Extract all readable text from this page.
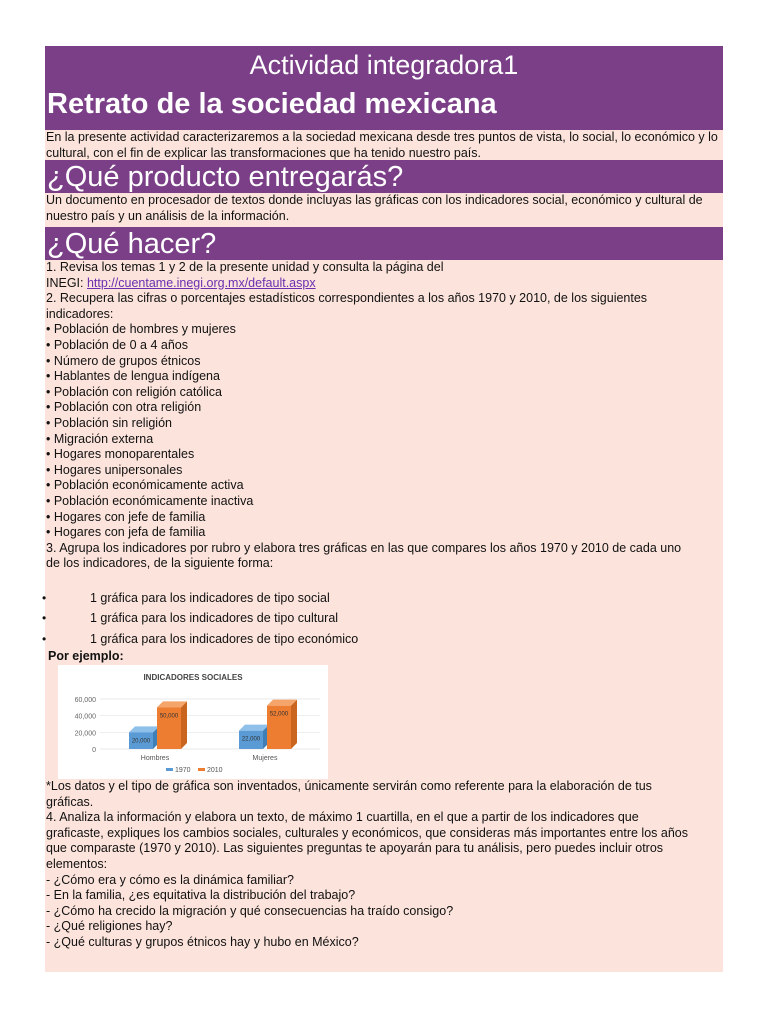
Actividad integradora1
Retrato de la sociedad mexicana
En la presente actividad caracterizaremos a la sociedad mexicana desde tres puntos de vista, lo social, lo económico y lo cultural, con el fin de explicar las transformaciones que ha tenido nuestro país.
¿Qué producto entregarás?
Un documento en procesador de textos donde incluyas las gráficas con los indicadores social, económico y cultural de nuestro país y un análisis de la información.
¿Qué hacer?
1. Revisa los temas 1 y 2 de la presente unidad y consulta la página del
INEGI: http://cuentame.inegi.org.mx/default.aspx
2. Recupera las cifras o porcentajes estadísticos correspondientes a los años 1970 y 2010, de los siguientes
indicadores:
• Población de hombres y mujeres
• Población de 0 a 4 años
• Número de grupos étnicos
• Hablantes de lengua indígena
• Población con religión católica
• Población con otra religión
• Población sin religión
• Migración externa
• Hogares monoparentales
• Hogares unipersonales
• Población económicamente activa
• Población económicamente inactiva
• Hogares con jefe de familia
• Hogares con jefa de familia
3. Agrupa los indicadores por rubro y elabora tres gráficas en las que compares los años 1970 y 2010 de cada uno
de los indicadores, de la siguiente forma:
•	1 gráfica para los indicadores de tipo social
•	1 gráfica para los indicadores de tipo cultural
•	1 gráfica para los indicadores de tipo económico
Por ejemplo:
INDICADORES SOCIALES
60,000
40,000
20,000
0
20,000
50,000
Hombres
22,000
52,000
Mujeres
1970 2010
*Los datos y el tipo de gráfica son inventados, únicamente servirán como referente para la elaboración de tus
gráficas.
4. Analiza la información y elabora un texto, de máximo 1 cuartilla, en el que a partir de los indicadores que
graficaste, expliques los cambios sociales, culturales y económicos, que consideras más importantes entre los años
que comparaste (1970 y 2010). Las siguientes preguntas te apoyarán para tu análisis, pero puedes incluir otros
elementos:
- ¿Cómo era y cómo es la dinámica familiar?
- En la familia, ¿es equitativa la distribución del trabajo?
- ¿Cómo ha crecido la migración y qué consecuencias ha traído consigo?
- ¿Qué religiones hay?
- ¿Qué culturas y grupos étnicos hay y hubo en México?
